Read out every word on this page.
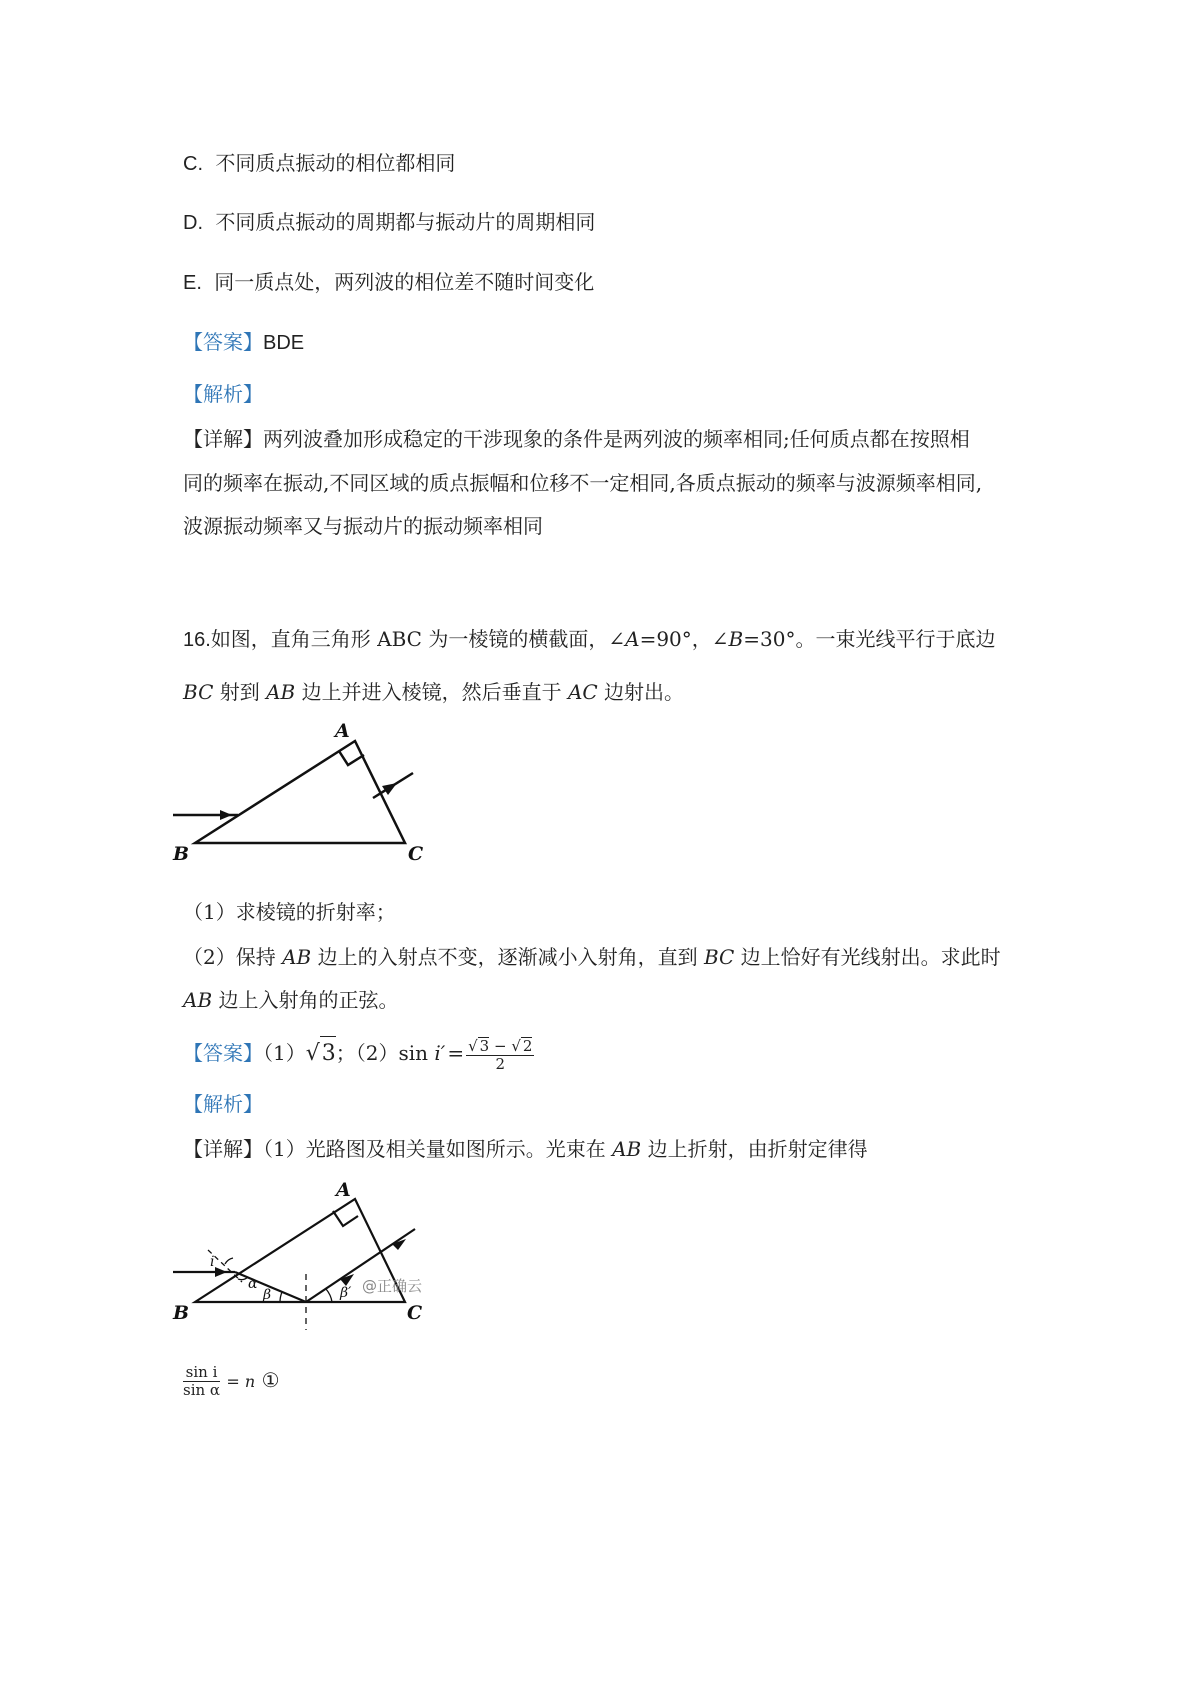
C. 不同质点振动的相位都相同
D. 不同质点振动的周期都与振动片的周期相同
E. 同一质点处，两列波的相位差不随时间变化
【答案】BDE
【解析】
【详解】两列波叠加形成稳定的干涉现象的条件是两列波的频率相同;任何质点都在按照相
同的频率在振动,不同区域的质点振幅和位移不一定相同,各质点振动的频率与波源频率相同,
波源振动频率又与振动片的振动频率相同
16.如图，直角三角形 ABC 为一棱镜的横截面，∠A=90°，∠B=30°。一束光线平行于底边
BC 射到 AB 边上并进入棱镜，然后垂直于 AC 边射出。
A
B	C
（1）求棱镜的折射率；
（2）保持 AB 边上的入射点不变，逐渐减小入射角，直到 BC 边上恰好有光线射出。求此时
AB 边上入射角的正弦。
【答案】（1）√3；（2）sin $i' = \frac{√ 3 - √ 2}{2}$
【解析】
【详解】（1）光路图及相关量如图所示。光束在 AB 边上折射，由折射定律得
A
B	C
i
α
β	β′ @正确云
$\frac{\text{sin i}}{\text{sin α}} = n$ ①
